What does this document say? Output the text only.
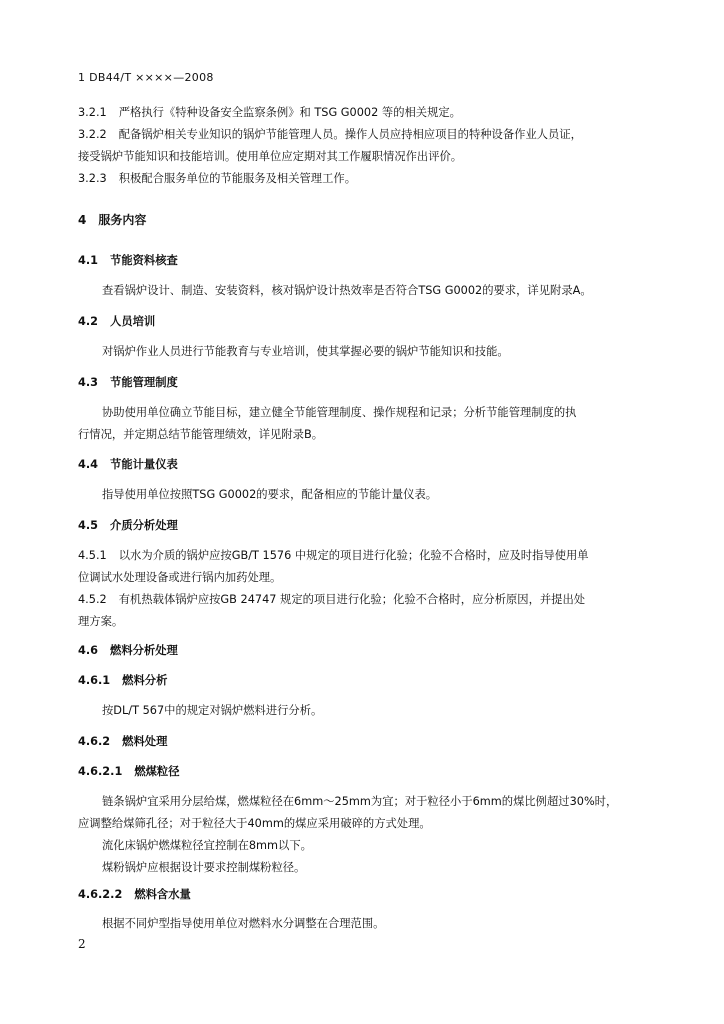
1 DB44/T ××××—2008
3.2.1 严格执行《特种设备安全监察条例》和 TSG G0002 等的相关规定。
3.2.2 配备锅炉相关专业知识的锅炉节能管理人员。操作人员应持相应项目的特种设备作业人员证，
接受锅炉节能知识和技能培训。使用单位应定期对其工作履职情况作出评价。
3.2.3 积极配合服务单位的节能服务及相关管理工作。
4 服务内容
4.1 节能资料核查
查看锅炉设计、制造、安装资料，核对锅炉设计热效率是否符合TSG G0002的要求，详见附录A。
4.2 人员培训
对锅炉作业人员进行节能教育与专业培训，使其掌握必要的锅炉节能知识和技能。
4.3 节能管理制度
协助使用单位确立节能目标，建立健全节能管理制度、操作规程和记录；分析节能管理制度的执
行情况，并定期总结节能管理绩效，详见附录B。
4.4 节能计量仪表
指导使用单位按照TSG G0002的要求，配备相应的节能计量仪表。
4.5 介质分析处理
4.5.1 以水为介质的锅炉应按GB/T 1576 中规定的项目进行化验；化验不合格时，应及时指导使用单
位调试水处理设备或进行锅内加药处理。
4.5.2 有机热载体锅炉应按GB 24747 规定的项目进行化验；化验不合格时，应分析原因，并提出处
理方案。
4.6 燃料分析处理
4.6.1 燃料分析
按DL/T 567中的规定对锅炉燃料进行分析。
4.6.2 燃料处理
4.6.2.1 燃煤粒径
链条锅炉宜采用分层给煤，燃煤粒径在6mm～25mm为宜；对于粒径小于6mm的煤比例超过30%时，
应调整给煤筛孔径；对于粒径大于40mm的煤应采用破碎的方式处理。
流化床锅炉燃煤粒径宜控制在8mm以下。
煤粉锅炉应根据设计要求控制煤粉粒径。
4.6.2.2 燃料含水量
根据不同炉型指导使用单位对燃料水分调整在合理范围。
2
